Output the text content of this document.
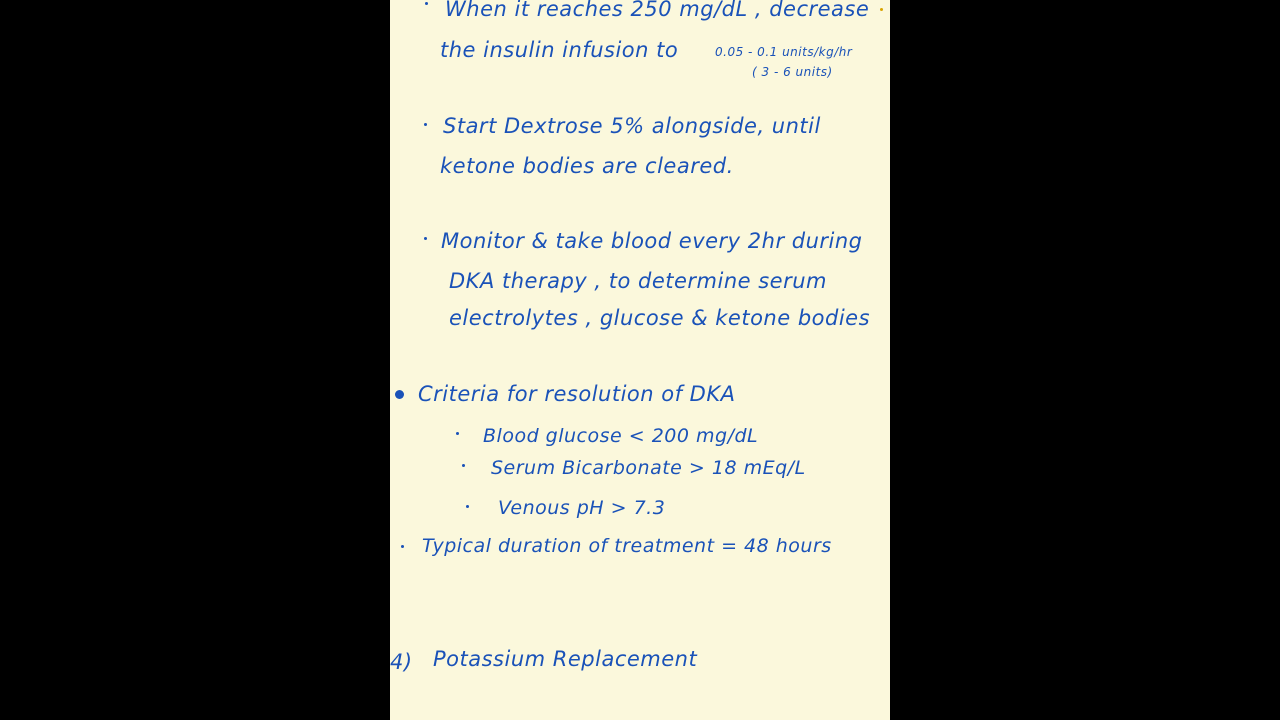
When it reaches 250 mg/dL , decrease
the insulin infusion to	0.05 - 0.1 units/kg/hr
( 3 - 6 units)
Start Dextrose 5% alongside, until
ketone bodies are cleared.
Monitor & take blood every 2hr during
DKA therapy , to determine serum
electrolytes , glucose & ketone bodies
Criteria for resolution of DKA
Blood glucose < 200 mg/dL
Serum Bicarbonate > 18 mEq/L
Venous pH > 7.3
Typical duration of treatment = 48 hours
4) Potassium Replacement
